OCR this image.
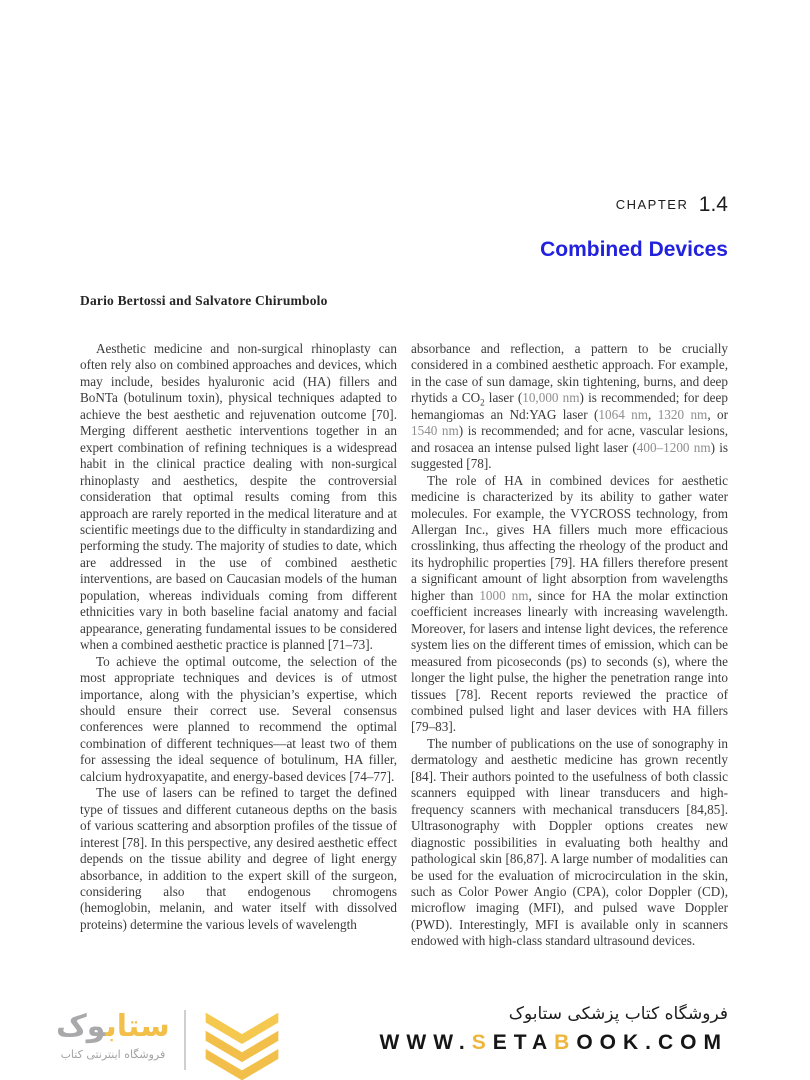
CHAPTER 1.4
Combined Devices
Dario Bertossi and Salvatore Chirumbolo

Aesthetic medicine and non-surgical rhinoplasty can often rely also on combined approaches and devices, which may include, besides hyaluronic acid (HA) fillers and BoNTa (botulinum toxin), physical techniques adapted to achieve the best aesthetic and rejuvenation outcome [70]. Merging different aesthetic interventions together in an expert combination of refining techniques is a widespread habit in the clinical practice dealing with non-surgical rhinoplasty and aesthetics, despite the controversial consideration that optimal results coming from this approach are rarely reported in the medical literature and at scientific meetings due to the difficulty in standardizing and performing the study. The majority of studies to date, which are addressed in the use of combined aesthetic interventions, are based on Caucasian models of the human population, whereas individuals coming from different ethnicities vary in both baseline facial anatomy and facial appearance, generating fundamental issues to be considered when a combined aesthetic practice is planned [71–73].

To achieve the optimal outcome, the selection of the most appropriate techniques and devices is of utmost importance, along with the physician’s expertise, which should ensure their correct use. Several consensus conferences were planned to recommend the optimal combination of different techniques—at least two of them for assessing the ideal sequence of botulinum, HA filler, calcium hydroxyapatite, and energy-based devices [74–77].

The use of lasers can be refined to target the defined type of tissues and different cutaneous depths on the basis of various scattering and absorption profiles of the tissue of interest [78]. In this perspective, any desired aesthetic effect depends on the tissue ability and degree of light energy absorbance, in addition to the expert skill of the surgeon, considering also that endogenous chromogens (hemoglobin, melanin, and water itself with dissolved proteins) determine the various levels of wavelength

absorbance and reflection, a pattern to be crucially considered in a combined aesthetic approach. For example, in the case of sun damage, skin tightening, burns, and deep rhytids a $CO_2$ laser (10,000 nm) is recommended; for deep hemangiomas an Nd:YAG laser (1064 nm, 1320 nm, or 1540 nm) is recommended; and for acne, vascular lesions, and rosacea an intense pulsed light laser (400–1200 nm) is suggested [78].

The role of HA in combined devices for aesthetic medicine is characterized by its ability to gather water molecules. For example, the VYCROSS technology, from Allergan Inc., gives HA fillers much more efficacious crosslinking, thus affecting the rheology of the product and its hydrophilic properties [79]. HA fillers therefore present a significant amount of light absorption from wavelengths higher than 1000 nm, since for HA the molar extinction coefficient increases linearly with increasing wavelength. Moreover, for lasers and intense light devices, the reference system lies on the different times of emission, which can be measured from picoseconds (ps) to seconds (s), where the longer the light pulse, the higher the penetration range into tissues [78]. Recent reports reviewed the practice of combined pulsed light and laser devices with HA fillers [79–83].

The number of publications on the use of sonography in dermatology and aesthetic medicine has grown recently [84]. Their authors pointed to the usefulness of both classic scanners equipped with linear transducers and high-frequency scanners with mechanical transducers [84,85]. Ultrasonography with Doppler options creates new diagnostic possibilities in evaluating both healthy and pathological skin [86,87]. A large number of modalities can be used for the evaluation of microcirculation in the skin, such as Color Power Angio (CPA), color Doppler (CD), microflow imaging (MFI), and pulsed wave Doppler (PWD). Interestingly, MFI is available only in scanners endowed with high-class standard ultrasound devices.

ستابوک
فروشگاه اینترنتی کتاب
فروشگاه کتاب پزشکی ستابوک
WWW.SETABOOK.COM
